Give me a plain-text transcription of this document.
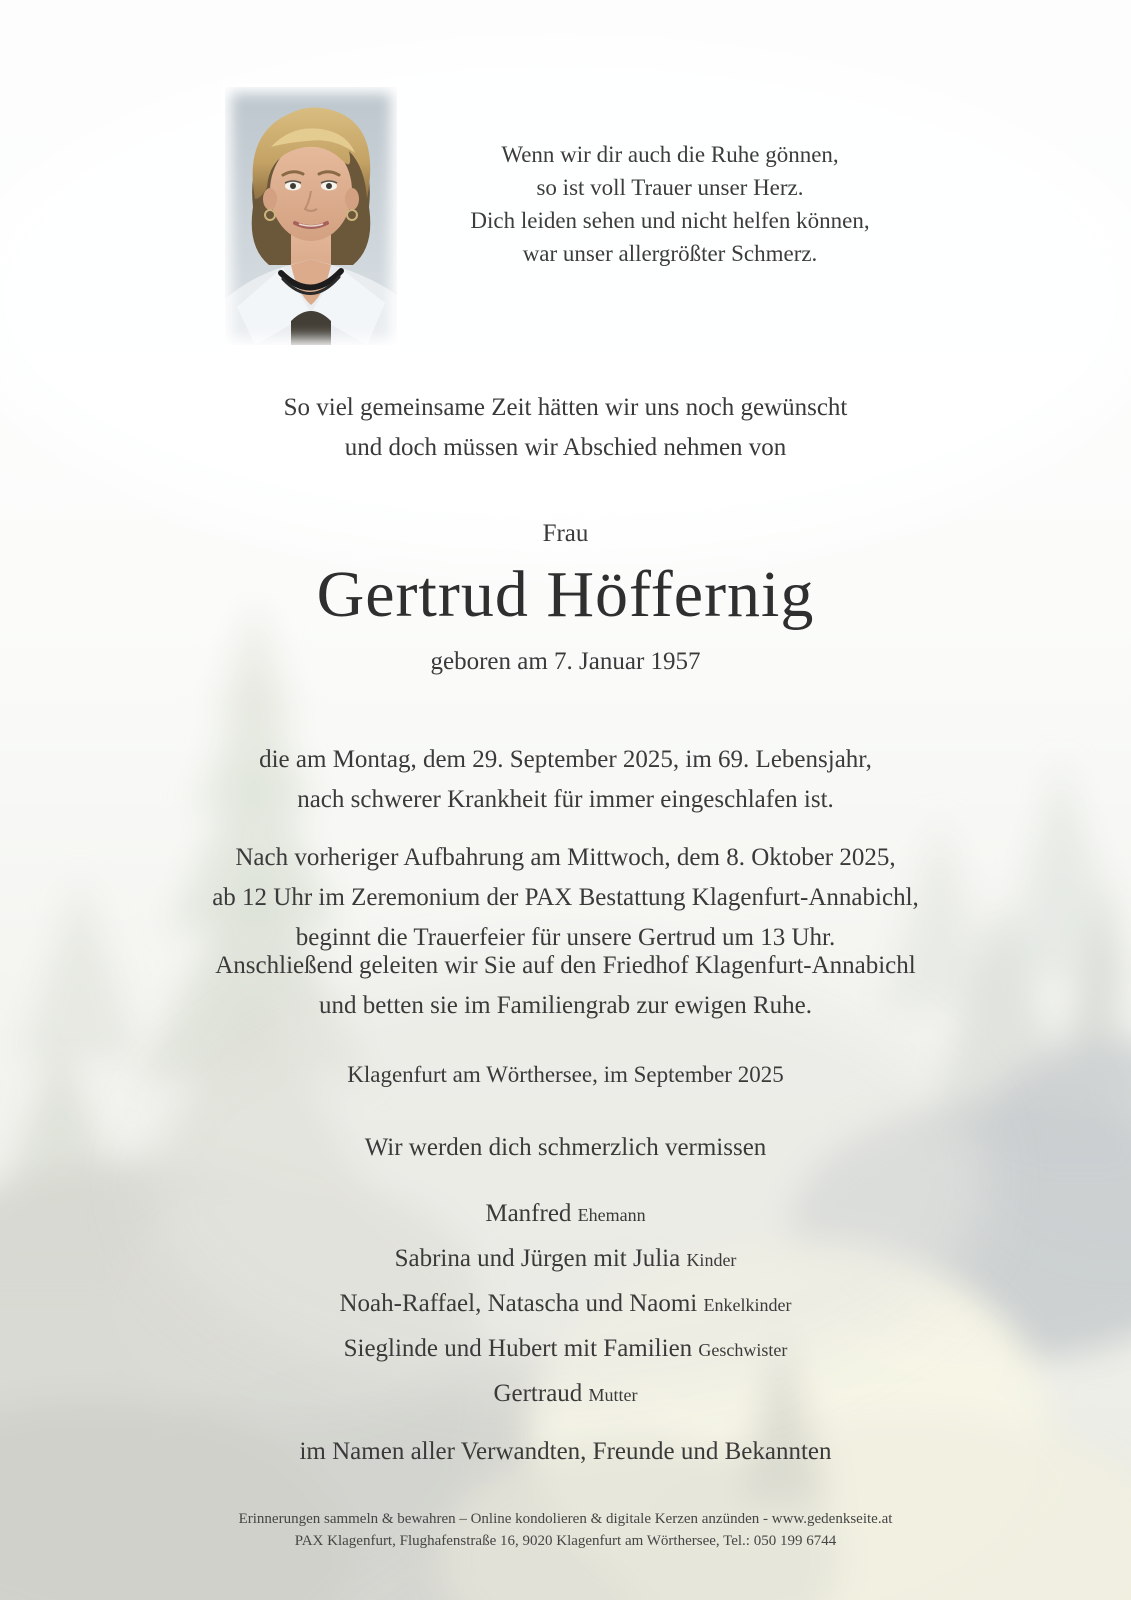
Wenn wir dir auch die Ruhe gönnen,
so ist voll Trauer unser Herz.
Dich leiden sehen und nicht helfen können,
war unser allergrößter Schmerz.
So viel gemeinsame Zeit hätten wir uns noch gewünscht
und doch müssen wir Abschied nehmen von
Frau
Gertrud Höffernig
geboren am 7. Januar 1957
die am Montag, dem 29. September 2025, im 69. Lebensjahr,
nach schwerer Krankheit für immer eingeschlafen ist.
Nach vorheriger Aufbahrung am Mittwoch, dem 8. Oktober 2025,
ab 12 Uhr im Zeremonium der PAX Bestattung Klagenfurt-Annabichl,
beginnt die Trauerfeier für unsere Gertrud um 13 Uhr.
Anschließend geleiten wir Sie auf den Friedhof Klagenfurt-Annabichl
und betten sie im Familiengrab zur ewigen Ruhe.
Klagenfurt am Wörthersee, im September 2025
Wir werden dich schmerzlich vermissen
Manfred Ehemann
Sabrina und Jürgen mit Julia Kinder
Noah-Raffael, Natascha und Naomi Enkelkinder
Sieglinde und Hubert mit Familien Geschwister
Gertraud Mutter
im Namen aller Verwandten, Freunde und Bekannten
Erinnerungen sammeln & bewahren – Online kondolieren & digitale Kerzen anzünden - www.gedenkseite.at
PAX Klagenfurt, Flughafenstraße 16, 9020 Klagenfurt am Wörthersee, Tel.: 050 199 6744
